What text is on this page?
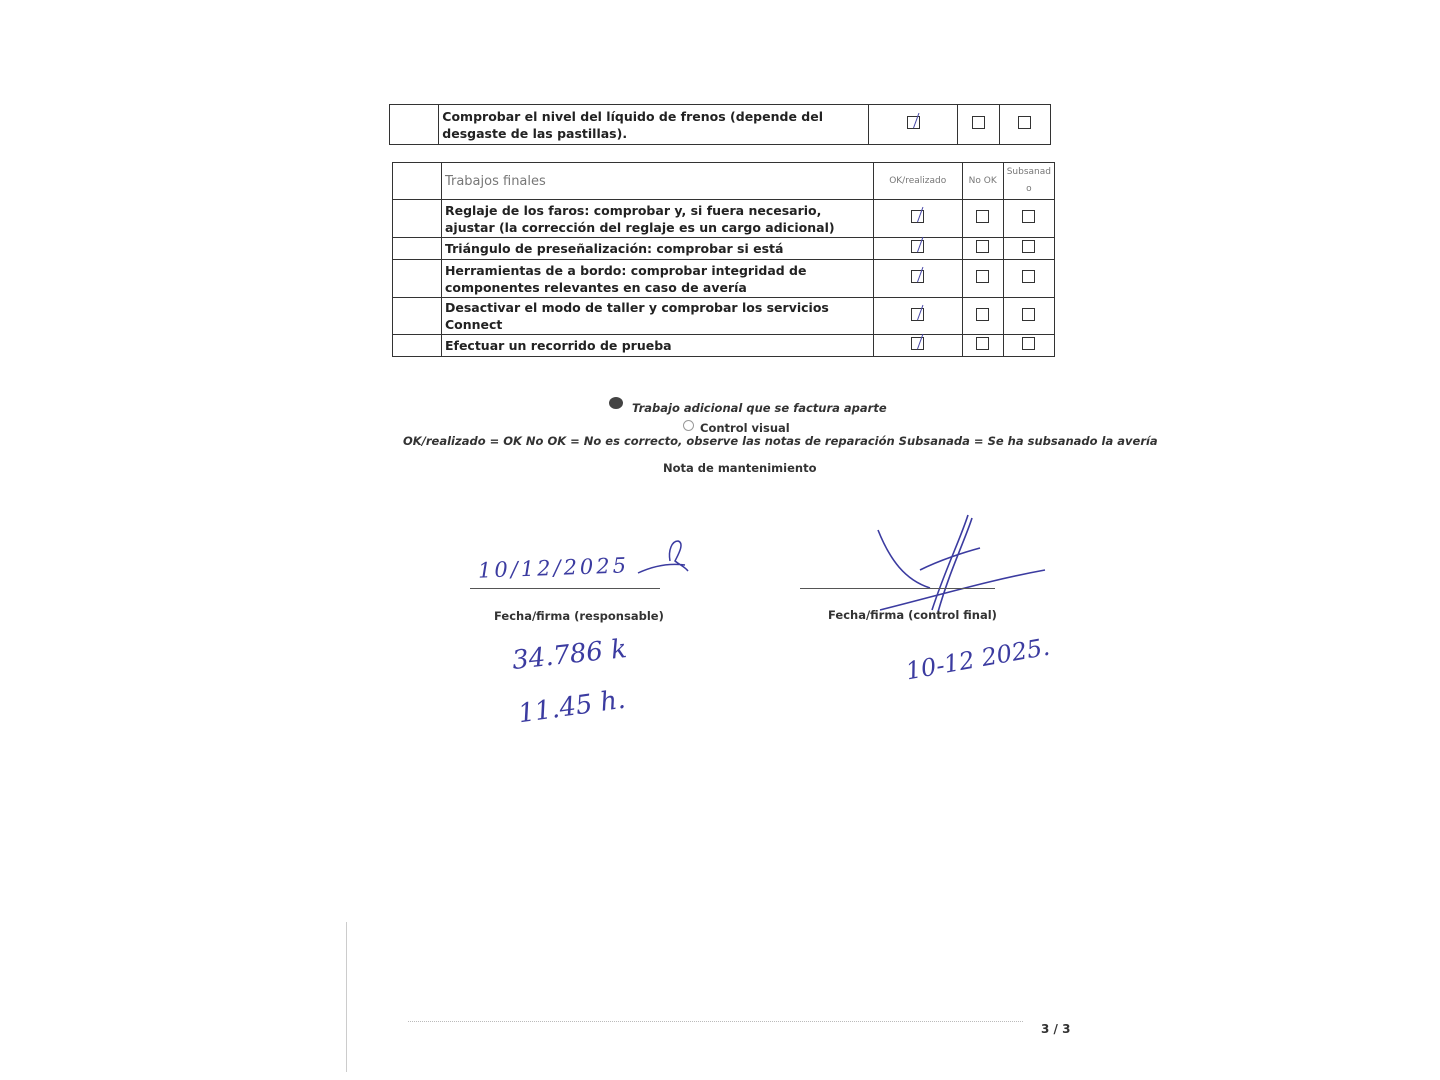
	Comprobar el nivel del líquido de frenos (depende del desgaste de las pastillas).			
	Trabajos finales	OK/realizado	No OK	Subsanad o
	Reglaje de los faros: comprobar y, si fuera necesario, ajustar (la corrección del reglaje es un cargo adicional)			
	Triángulo de preseñalización: comprobar si está			
	Herramientas de a bordo: comprobar integridad de componentes relevantes en caso de avería			
	Desactivar el modo de taller y comprobar los servicios Connect			
	Efectuar un recorrido de prueba			
Trabajo adicional que se factura aparte
Control visual
OK/realizado = OK No OK = No es correcto, observe las notas de reparación Subsanada = Se ha subsanado la avería
Nota de mantenimiento
10/12/2025
Fecha/firma (responsable)
34.786 k
11.45 h.
Fecha/firma (control final)
10-12 2025.
3 / 3
